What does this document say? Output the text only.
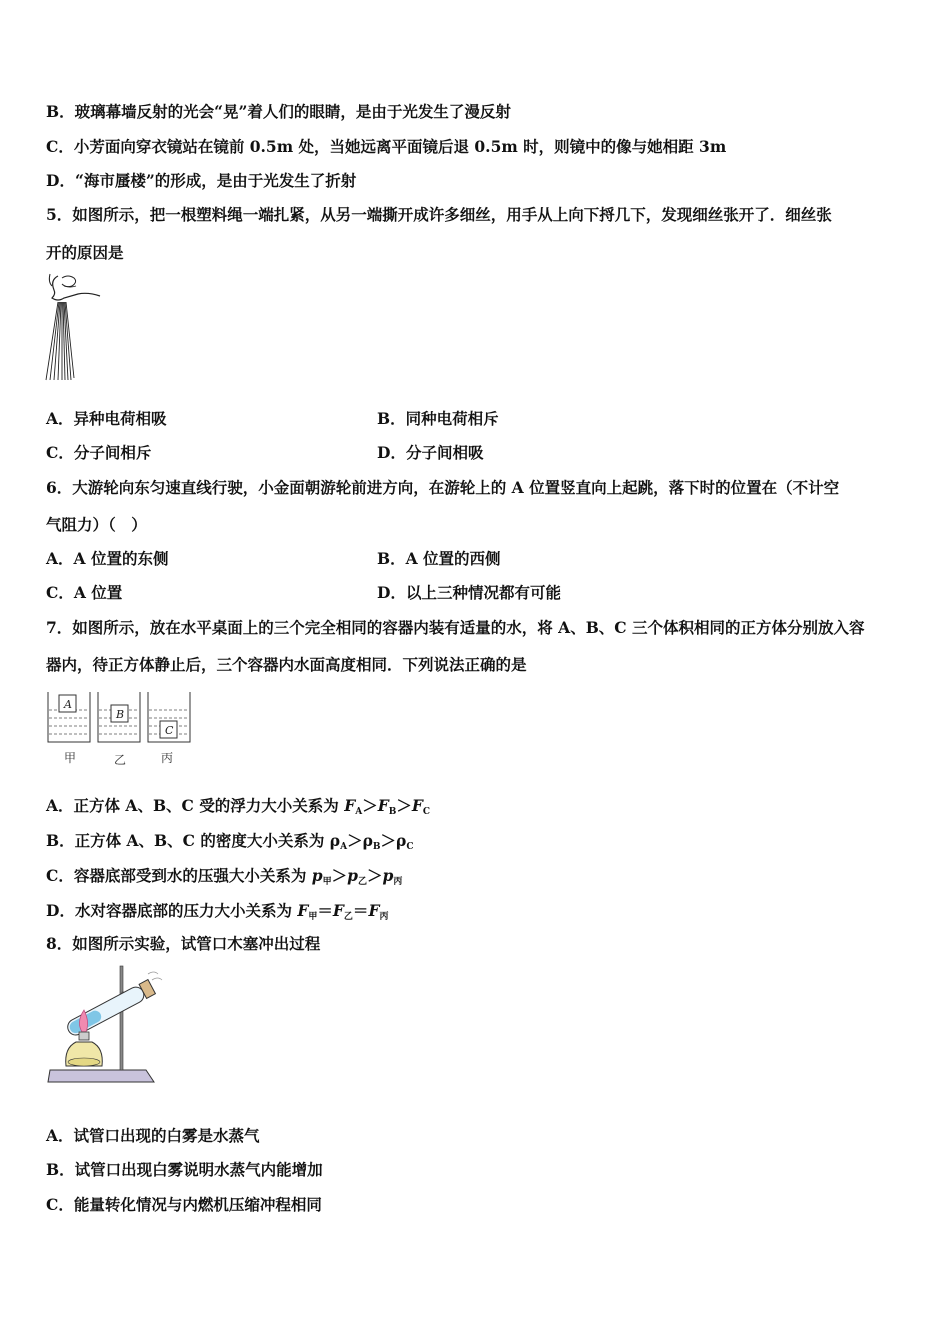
B．玻璃幕墙反射的光会“晃”着人们的眼睛，是由于光发生了漫反射
C．小芳面向穿衣镜站在镜前 0.5m 处，当她远离平面镜后退 0.5m 时，则镜中的像与她相距 3m
D．“海市蜃楼”的形成，是由于光发生了折射
5．如图所示，把一根塑料绳一端扎紧，从另一端撕开成许多细丝，用手从上向下捋几下，发现细丝张开了．细丝张
开的原因是
A．异种电荷相吸	B．同种电荷相斥
C．分子间相斥	D．分子间相吸
6．大游轮向东匀速直线行驶，小金面朝游轮前进方向，在游轮上的 A 位置竖直向上起跳，落下时的位置在（不计空
气阻力）（　）
A．A 位置的东侧	B．A 位置的西侧
C．A 位置	D．以上三种情况都有可能
7．如图所示，放在水平桌面上的三个完全相同的容器内装有适量的水，将 A、B、C 三个体积相同的正方体分别放入容
器内，待正方体静止后，三个容器内水面高度相同．下列说法正确的是
A
B
C
甲	乙	丙
A．正方体 A、B、C 受的浮力大小关系为 $F_A>F_B>F_C$
B．正方体 A、B、C 的密度大小关系为 $\rho_A>\rho_B>\rho_C$
C．容器底部受到水的压强大小关系为 $p_甲>p_乙>p_丙$
D．水对容器底部的压力大小关系为 $F_甲=F_乙=F_丙$
8．如图所示实验，试管口木塞冲出过程
A．试管口出现的白雾是水蒸气
B．试管口出现白雾说明水蒸气内能增加
C．能量转化情况与内燃机压缩冲程相同
